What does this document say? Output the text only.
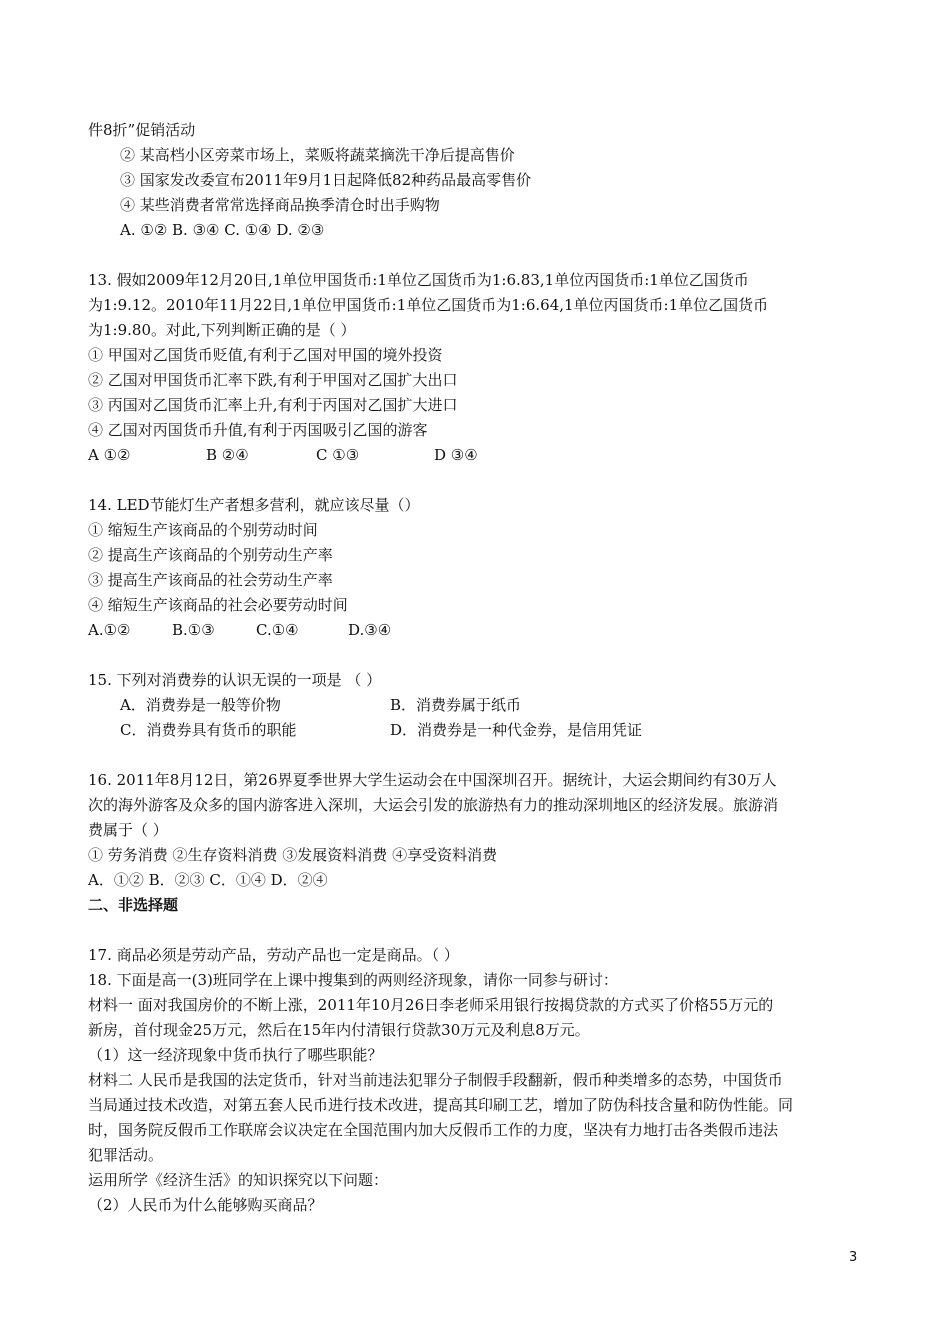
件8折”促销活动
② 某高档小区旁菜市场上，菜贩将蔬菜摘洗干净后提高售价
③ 国家发改委宣布2011年9月1日起降低82种药品最高零售价
④ 某些消费者常常选择商品换季清仓时出手购物
A. ①② B. ③④ C. ①④ D. ②③
13. 假如2009年12月20日,1单位甲国货币:1单位乙国货币为1:6.83,1单位丙国货币:1单位乙国货币
为1:9.12。2010年11月22日,1单位甲国货币:1单位乙国货币为1:6.64,1单位丙国货币:1单位乙国货币
为1:9.80。对此,下列判断正确的是（ ）
① 甲国对乙国货币贬值,有利于乙国对甲国的境外投资
② 乙国对甲国货币汇率下跌,有利于甲国对乙国扩大出口
③ 丙国对乙国货币汇率上升,有利于丙国对乙国扩大进口
④ 乙国对丙国货币升值,有利于丙国吸引乙国的游客
A ①②	B ②④	C ①③	D ③④
14. LED节能灯生产者想多营利，就应该尽量（）
① 缩短生产该商品的个别劳动时间
② 提高生产该商品的个别劳动生产率
③ 提高生产该商品的社会劳动生产率
④ 缩短生产该商品的社会必要劳动时间
A.①②	B.①③	C.①④	D.③④
15. 下列对消费券的认识无误的一项是 （ ）
A．消费券是一般等价物	B．消费券属于纸币
C．消费券具有货币的职能	D．消费券是一种代金券，是信用凭证
16. 2011年8月12日，第26界夏季世界大学生运动会在中国深圳召开。据统计，大运会期间约有30万人
次的海外游客及众多的国内游客进入深圳，大运会引发的旅游热有力的推动深圳地区的经济发展。旅游消
费属于（ ）
① 劳务消费 ②生存资料消费 ③发展资料消费 ④享受资料消费
A．①② B．②③ C．①④ D．②④
二、非选择题
17. 商品必须是劳动产品，劳动产品也一定是商品。（ ）
18. 下面是高一(3)班同学在上课中搜集到的两则经济现象，请你一同参与研讨：
材料一 面对我国房价的不断上涨，2011年10月26日李老师采用银行按揭贷款的方式买了价格55万元的
新房，首付现金25万元，然后在15年内付清银行贷款30万元及利息8万元。
（1）这一经济现象中货币执行了哪些职能？
材料二 人民币是我国的法定货币，针对当前违法犯罪分子制假手段翻新，假币种类增多的态势，中国货币
当局通过技术改造，对第五套人民币进行技术改进，提高其印刷工艺，增加了防伪科技含量和防伪性能。同
时，国务院反假币工作联席会议决定在全国范围内加大反假币工作的力度，坚决有力地打击各类假币违法
犯罪活动。
运用所学《经济生活》的知识探究以下问题：
（2）人民币为什么能够购买商品？
3
